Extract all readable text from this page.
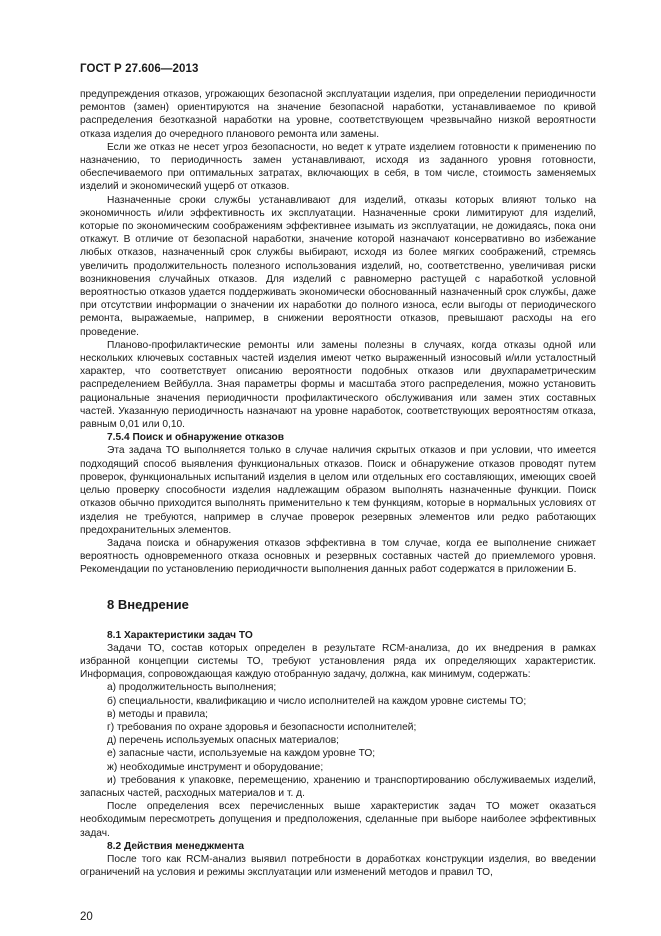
ГОСТ Р 27.606—2013

предупреждения отказов, угрожающих безопасной эксплуатации изделия, при определении периодичности ремонтов (замен) ориентируются на значение безопасной наработки, устанавливаемое по кривой распределения безотказной наработки на уровне, соответствующем чрезвычайно низкой вероятности отказа изделия до очередного планового ремонта или замены.

Если же отказ не несет угроз безопасности, но ведет к утрате изделием готовности к применению по назначению, то периодичность замен устанавливают, исходя из заданного уровня готовности, обеспечиваемого при оптимальных затратах, включающих в себя, в том числе, стоимость заменяемых изделий и экономический ущерб от отказов.

Назначенные сроки службы устанавливают для изделий, отказы которых влияют только на экономичность и/или эффективность их эксплуатации. Назначенные сроки лимитируют для изделий, которые по экономическим соображениям эффективнее изымать из эксплуатации, не дожидаясь, пока они откажут. В отличие от безопасной наработки, значение которой назначают консервативно во избежание любых отказов, назначенный срок службы выбирают, исходя из более мягких соображений, стремясь увеличить продолжительность полезного использования изделий, но, соответственно, увеличивая риски возникновения случайных отказов. Для изделий с равномерно растущей с наработкой условной вероятностью отказов удается поддерживать экономически обоснованный назначенный срок службы, даже при отсутствии информации о значении их наработки до полного износа, если выгоды от периодического ремонта, выражаемые, например, в снижении вероятности отказов, превышают расходы на его проведение.

Планово-профилактические ремонты или замены полезны в случаях, когда отказы одной или нескольких ключевых составных частей изделия имеют четко выраженный износовый и/или усталостный характер, что соответствует описанию вероятности подобных отказов или двухпараметрическим распределением Вейбулла. Зная параметры формы и масштаба этого распределения, можно установить рациональные значения периодичности профилактического обслуживания или замен этих составных частей. Указанную периодичность назначают на уровне наработок, соответствующих вероятностям отказа, равным 0,01 или 0,10.

7.5.4 Поиск и обнаружение отказов

Эта задача ТО выполняется только в случае наличия скрытых отказов и при условии, что имеется подходящий способ выявления функциональных отказов. Поиск и обнаружение отказов проводят путем проверок, функциональных испытаний изделия в целом или отдельных его составляющих, имеющих своей целью проверку способности изделия надлежащим образом выполнять назначенные функции. Поиск отказов обычно приходится выполнять применительно к тем функциям, которые в нормальных условиях от изделия не требуются, например в случае проверок резервных элементов или редко работающих предохранительных элементов.

Задача поиска и обнаружения отказов эффективна в том случае, когда ее выполнение снижает вероятность одновременного отказа основных и резервных составных частей до приемлемого уровня. Рекомендации по установлению периодичности выполнения данных работ содержатся в приложении Б.

8 Внедрение
8.1 Характеристики задач ТО

Задачи ТО, состав которых определен в результате RCM-анализа, до их внедрения в рамках избранной концепции системы ТО, требуют установления ряда их определяющих характеристик. Информация, сопровождающая каждую отобранную задачу, должна, как минимум, содержать:

а) продолжительность выполнения;

б) специальности, квалификацию и число исполнителей на каждом уровне системы ТО;

в) методы и правила;

г) требования по охране здоровья и безопасности исполнителей;

д) перечень используемых опасных материалов;

е) запасные части, используемые на каждом уровне ТО;

ж) необходимые инструмент и оборудование;

и) требования к упаковке, перемещению, хранению и транспортированию обслуживаемых изделий, запасных частей, расходных материалов и т. д.

После определения всех перечисленных выше характеристик задач ТО может оказаться необходимым пересмотреть допущения и предположения, сделанные при выборе наиболее эффективных задач.

8.2 Действия менеджмента

После того как RCM-анализ выявил потребности в доработках конструкции изделия, во введении ограничений на условия и режимы эксплуатации или изменений методов и правил ТО,

20
